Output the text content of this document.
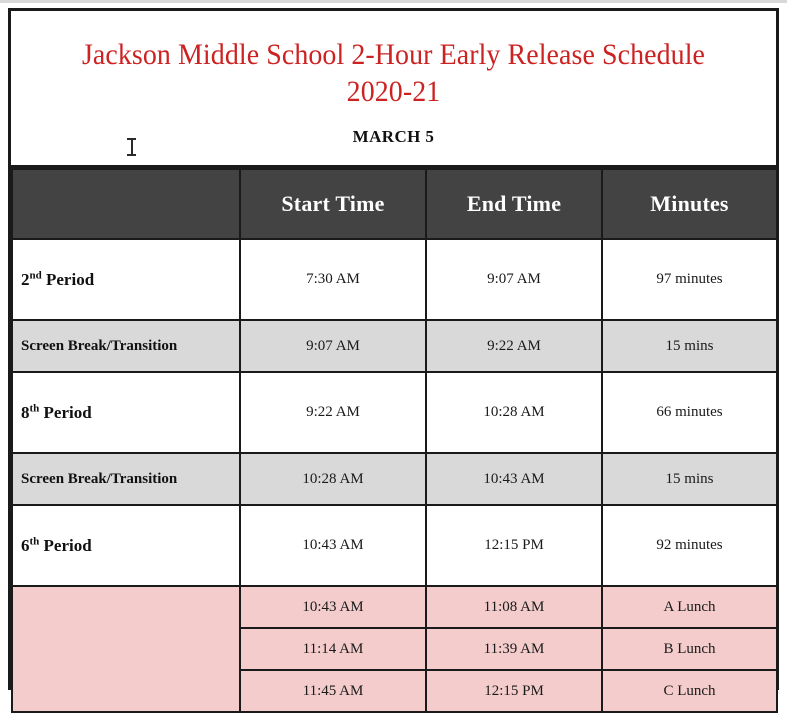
Jackson Middle School 2-Hour Early Release Schedule
2020-21
MARCH 5
	Start Time	End Time	Minutes
2nd Period	7:30 AM	9:07 AM	97 minutes
Screen Break/Transition	9:07 AM	9:22 AM	15 mins
8th Period	9:22 AM	10:28 AM	66 minutes
Screen Break/Transition	10:28 AM	10:43 AM	15 mins
6th Period	10:43 AM	12:15 PM	92 minutes
	10:43 AM	11:08 AM	A Lunch
	11:14 AM	11:39 AM	B Lunch
	11:45 AM	12:15 PM	C Lunch
